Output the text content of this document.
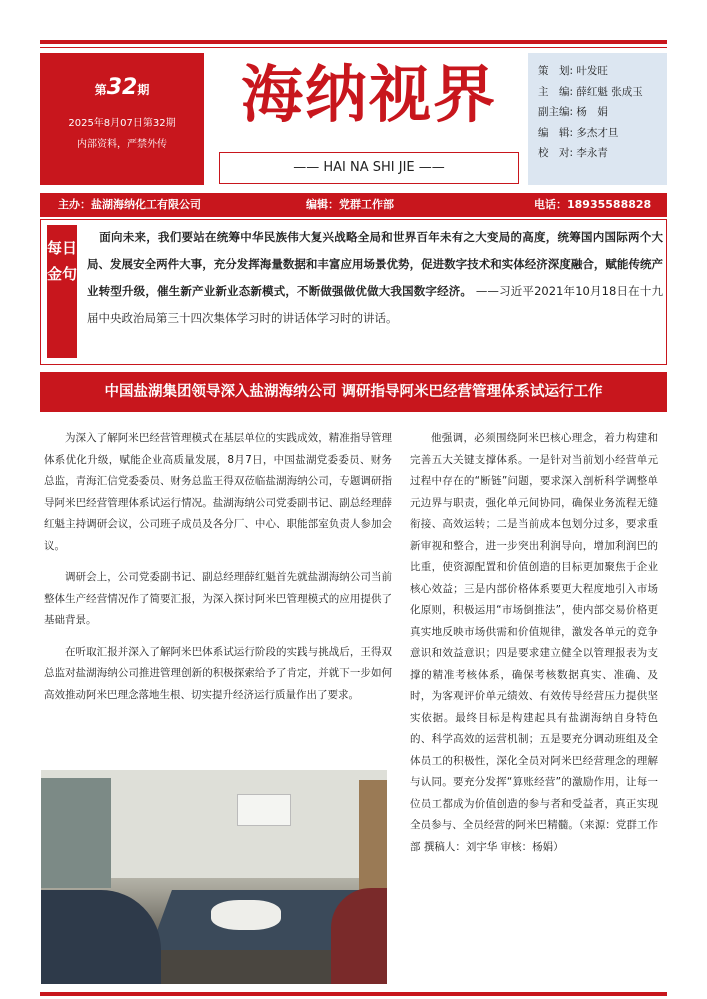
第32期
2025年8月07日第32期
内部资料，严禁外传
海纳视界
—— HAI NA SHI JIE ——
策　划: 叶发旺
主　编: 薛红魁 张成玉
副主编: 杨　娟
编　辑: 多杰才旦
校　对: 李永青
主办：盐湖海纳化工有限公司	编辑：党群工作部	电话：18935588828
每日金句
面向未来，我们要站在统筹中华民族伟大复兴战略全局和世界百年未有之大变局的高度，统筹国内国际两个大局、发展安全两件大事，充分发挥海量数据和丰富应用场景优势，促进数字技术和实体经济深度融合，赋能传统产业转型升级，催生新产业新业态新模式，不断做强做优做大我国数字经济。 ——习近平2021年10月18日在十九届中央政治局第三十四次集体学习时的讲话体学习时的讲话。
中国盐湖集团领导深入盐湖海纳公司 调研指导阿米巴经营管理体系试运行工作

为深入了解阿米巴经营管理模式在基层单位的实践成效，精准指导管理体系优化升级，赋能企业高质量发展，8月7日，中国盐湖党委委员、财务总监，青海汇信党委委员、财务总监王得双莅临盐湖海纳公司，专题调研指导阿米巴经营管理体系试运行情况。盐湖海纳公司党委副书记、副总经理薛红魁主持调研会议，公司班子成员及各分厂、中心、职能部室负责人参加会议。

调研会上，公司党委副书记、副总经理薛红魁首先就盐湖海纳公司当前整体生产经营情况作了简要汇报，为深入探讨阿米巴管理模式的应用提供了基础背景。

在听取汇报并深入了解阿米巴体系试运行阶段的实践与挑战后，王得双总监对盐湖海纳公司推进管理创新的积极探索给予了肯定，并就下一步如何高效推动阿米巴理念落地生根、切实提升经济运行质量作出了要求。

他强调，必须围绕阿米巴核心理念，着力构建和完善五大关键支撑体系。一是针对当前划小经营单元过程中存在的“断链”问题，要求深入剖析科学调整单元边界与职责，强化单元间协同，确保业务流程无缝衔接、高效运转；二是当前成本包划分过多，要求重新审视和整合，进一步突出利润导向，增加利润巴的比重，使资源配置和价值创造的目标更加聚焦于企业核心效益；三是内部价格体系要更大程度地引入市场化原则，积极运用“市场倒推法”，使内部交易价格更真实地反映市场供需和价值规律，激发各单元的竞争意识和效益意识；四是要求建立健全以管理报表为支撑的精准考核体系，确保考核数据真实、准确、及时，为客观评价单元绩效、有效传导经营压力提供坚实依据。最终目标是构建起具有盐湖海纳自身特色的、科学高效的运营机制；五是要充分调动班组及全体员工的积极性，深化全员对阿米巴经营理念的理解与认同。要充分发挥“算账经营”的激励作用，让每一位员工都成为价值创造的参与者和受益者，真正实现全员参与、全员经营的阿米巴精髓。（来源：党群工作部 撰稿人：刘宇华 审核：杨娟）
